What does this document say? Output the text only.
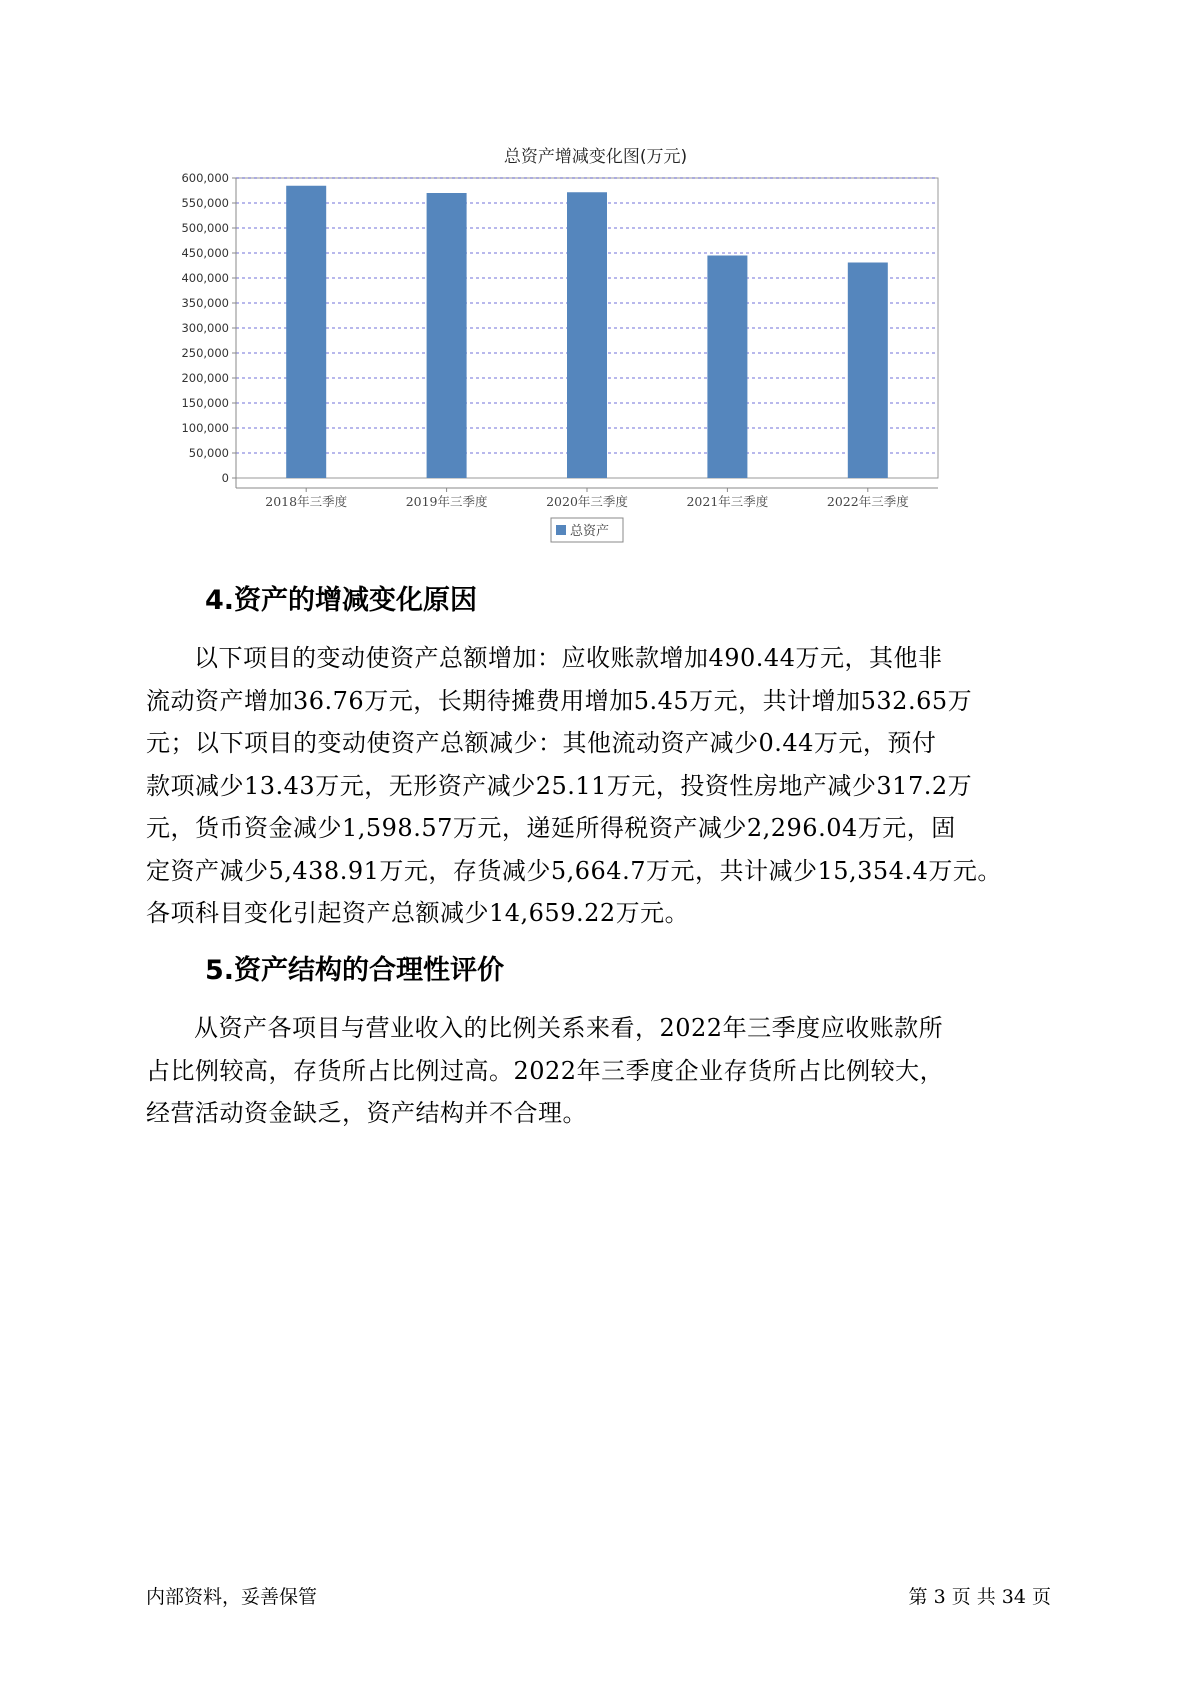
总资产增减变化图(万元)
0
50,000
100,000
150,000
200,000
250,000
300,000
350,000
400,000
450,000
500,000
550,000
600,000
2018年三季度	2019年三季度	2020年三季度	2021年三季度	2022年三季度
总资产
4.资产的增减变化原因
以下项目的变动使资产总额增加：应收账款增加490.44万元，其他非
流动资产增加36.76万元，长期待摊费用增加5.45万元，共计增加532.65万
元；以下项目的变动使资产总额减少：其他流动资产减少0.44万元，预付
款项减少13.43万元，无形资产减少25.11万元，投资性房地产减少317.2万
元，货币资金减少1,598.57万元，递延所得税资产减少2,296.04万元，固
定资产减少5,438.91万元，存货减少5,664.7万元，共计减少15,354.4万元。
各项科目变化引起资产总额减少14,659.22万元。
5.资产结构的合理性评价
从资产各项目与营业收入的比例关系来看，2022年三季度应收账款所
占比例较高，存货所占比例过高。2022年三季度企业存货所占比例较大，
经营活动资金缺乏，资产结构并不合理。
内部资料，妥善保管	第 3 页 共 34 页
